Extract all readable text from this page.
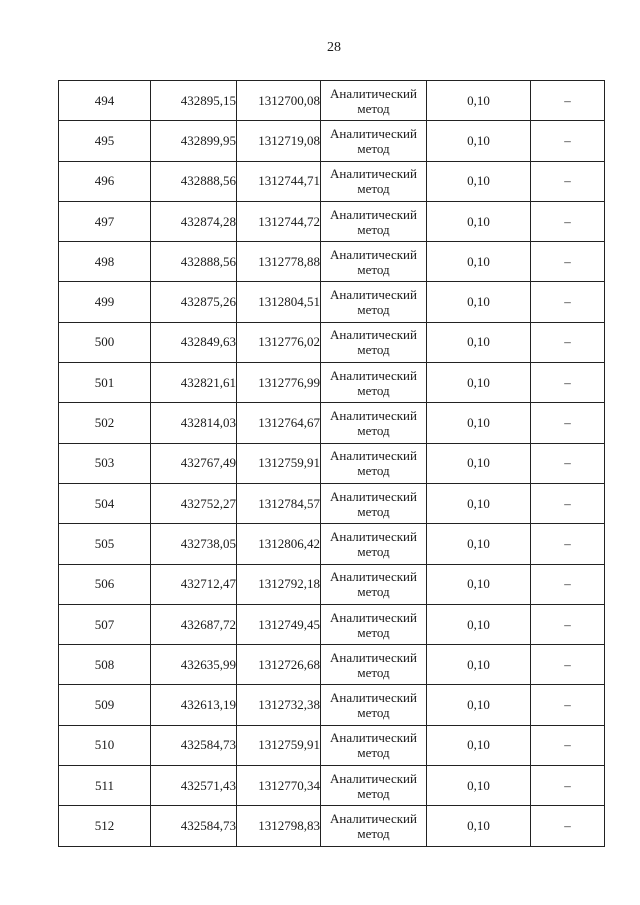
28
494	432895,15	1312700,08	Аналитический метод	0,10	–
495	432899,95	1312719,08	Аналитический метод	0,10	–
496	432888,56	1312744,71	Аналитический метод	0,10	–
497	432874,28	1312744,72	Аналитический метод	0,10	–
498	432888,56	1312778,88	Аналитический метод	0,10	–
499	432875,26	1312804,51	Аналитический метод	0,10	–
500	432849,63	1312776,02	Аналитический метод	0,10	–
501	432821,61	1312776,99	Аналитический метод	0,10	–
502	432814,03	1312764,67	Аналитический метод	0,10	–
503	432767,49	1312759,91	Аналитический метод	0,10	–
504	432752,27	1312784,57	Аналитический метод	0,10	–
505	432738,05	1312806,42	Аналитический метод	0,10	–
506	432712,47	1312792,18	Аналитический метод	0,10	–
507	432687,72	1312749,45	Аналитический метод	0,10	–
508	432635,99	1312726,68	Аналитический метод	0,10	–
509	432613,19	1312732,38	Аналитический метод	0,10	–
510	432584,73	1312759,91	Аналитический метод	0,10	–
511	432571,43	1312770,34	Аналитический метод	0,10	–
512	432584,73	1312798,83	Аналитический метод	0,10	–
